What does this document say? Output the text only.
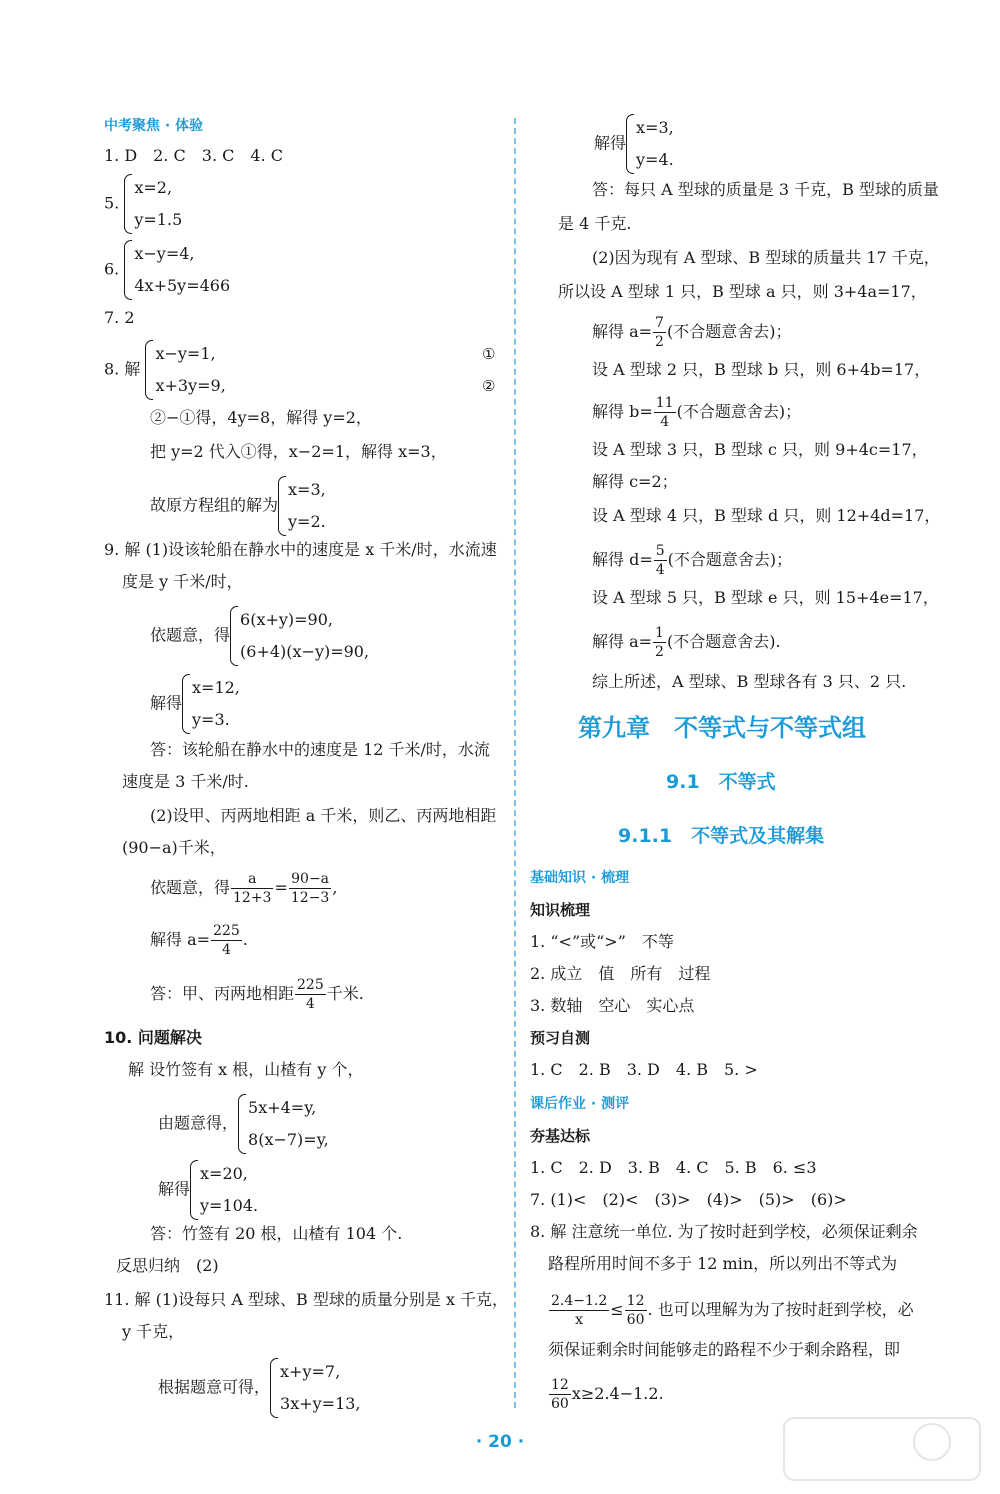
中考聚焦 · 体验
1. D　2. C　3. C　4. C
5.
x=2,
y=1.5
6.
x−y=4,
4x+5y=466
7. 2
8. 解
x−y=1,
x+3y=9,
①
②
②−①得，4y=8，解得 y=2，
把 y=2 代入①得，x−2=1，解得 x=3，
故原方程组的解为
x=3,
y=2.
9. 解 (1)设该轮船在静水中的速度是 x 千米/时，水流速
度是 y 千米/时，
依题意，得
6(x+y)=90,
(6+4)(x−y)=90,
解得
x=12,
y=3.
答：该轮船在静水中的速度是 12 千米/时，水流
速度是 3 千米/时.
(2)设甲、丙两地相距 a 千米，则乙、丙两地相距
(90−a)千米，
依题意，得 $\frac{a}{12+3} = \frac{90-a}{12-3}$ ,
解得 $a= \frac{225}{4}$ .
答：甲、丙两地相距 $\frac{225}{4}$ 千米.
10. 问题解决
解 设竹签有 x 根，山楂有 y 个，
由题意得，
5x+4=y,
8(x−7)=y,
解得
x=20,
y=104.
答：竹签有 20 根，山楂有 104 个.
反思归纳　(2)
11. 解 (1)设每只 A 型球、B 型球的质量分别是 x 千克，
y 千克，
根据题意可得，
x+y=7,
3x+y=13,
解得
x=3,
y=4.
答：每只 A 型球的质量是 3 千克，B 型球的质量
是 4 千克.
(2)因为现有 A 型球、B 型球的质量共 17 千克，
所以设 A 型球 1 只，B 型球 a 只，则 3+4a=17，
解得 $a= \frac{7}{2}$ (不合题意舍去)；
设 A 型球 2 只，B 型球 b 只，则 6+4b=17，
解得 $b= \frac{11}{4}$ (不合题意舍去)；
设 A 型球 3 只，B 型球 c 只，则 9+4c=17，
解得 c=2；
设 A 型球 4 只，B 型球 d 只，则 12+4d=17，
解得 $d= \frac{5}{4}$ (不合题意舍去)；
设 A 型球 5 只，B 型球 e 只，则 15+4e=17，
解得 $a= \frac{1}{2}$ (不合题意舍去).
综上所述，A 型球、B 型球各有 3 只、2 只.
第九章　不等式与不等式组
9.1　不等式
9.1.1　不等式及其解集
基础知识 · 梳理
知识梳理
1. “<”或“>”　不等
2. 成立　值　所有　过程
3. 数轴　空心　实心点
预习自测
1. C　2. B　3. D　4. B　5. >
课后作业 · 测评
夯基达标
1. C　2. D　3. B　4. C　5. B　6. ≤3
7. (1)<　(2)<　(3)>　(4)>　(5)>　(6)>
8. 解 注意统一单位. 为了按时赶到学校，必须保证剩余
路程所用时间不多于 12 min，所以列出不等式为
$\frac{2.4-1.2}{x} \le \frac{12}{60}$ . 也可以理解为为了按时赶到学校，必
须保证剩余时间能够走的路程不少于剩余路程，即
$\frac{12}{60} x\ge 2.4-1.2$.
· 20 ·
